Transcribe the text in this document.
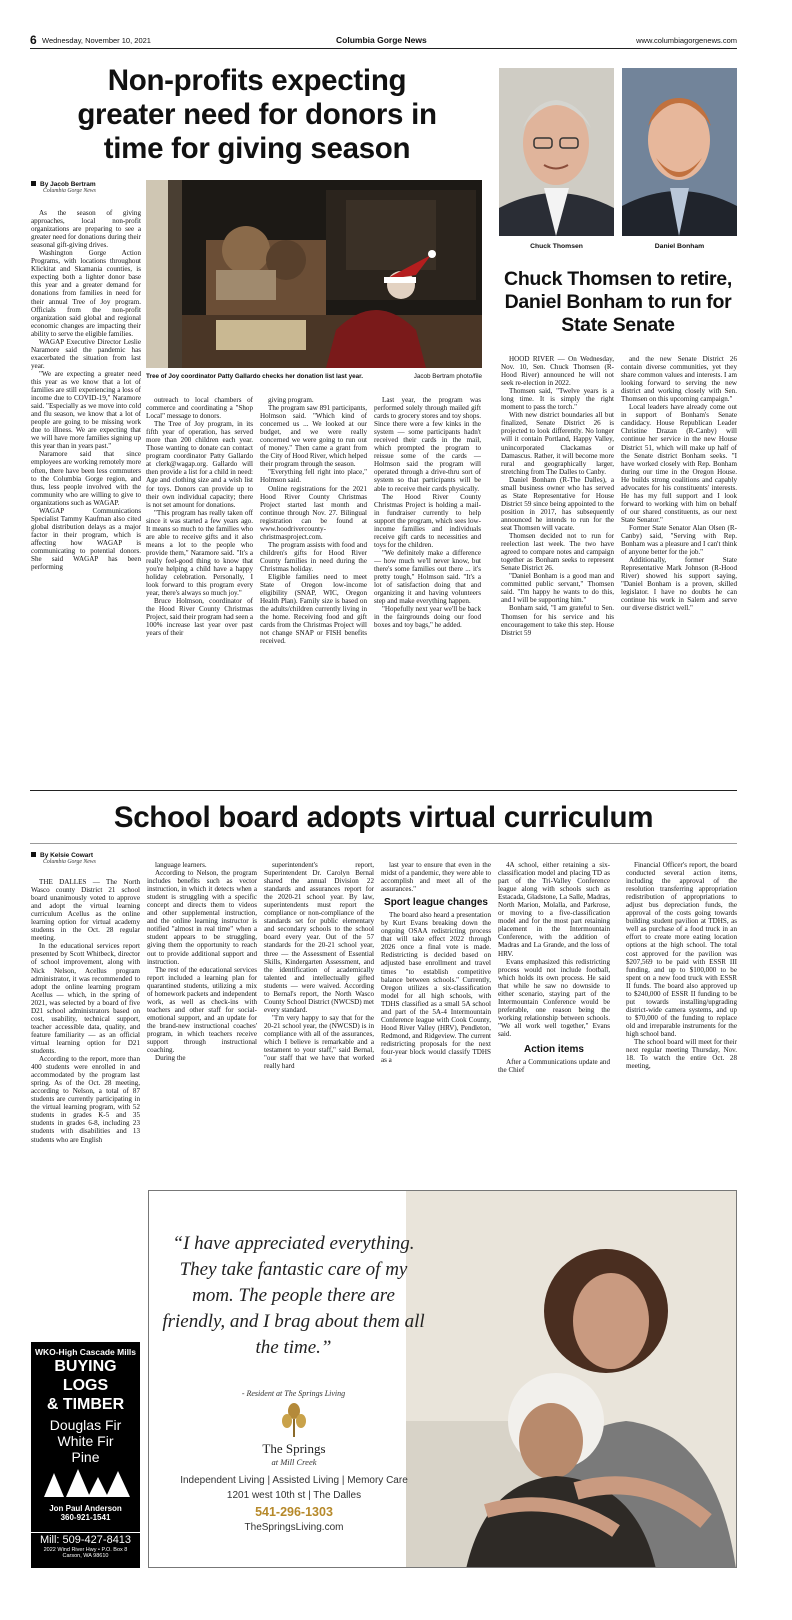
6 Wednesday, November 10, 2021	Columbia Gorge News	www.columbiagorgenews.com
Non-profits expecting greater need for donors in time for giving season
By Jacob Bertram
Columbia Gorge News
Tree of Joy coordinator Patty Gallardo checks her donation list last year.	Jacob Bertram photo/file

As the season of giving approaches, local non-profit organizations are preparing to see a greater need for donations during their seasonal gift-giving drives.

Washington Gorge Action Programs, with locations throughout Klickitat and Skamania counties, is expecting both a lighter donor base this year and a greater demand for donations from families in need for their annual Tree of Joy program. Officials from the non-profit organization said global and regional economic changes are impacting their ability to serve the eligible families.

WAGAP Executive Director Leslie Naramore said the pandemic has exacerbated the situation from last year.

"We are expecting a greater need this year as we know that a lot of families are still experiencing a loss of income due to COVID-19," Naramore said. "Especially as we move into cold and flu season, we know that a lot of people are going to be missing work due to illness. We are expecting that we will have more families signing up this year than in years past."

Naramore said that since employees are working remotely more often, there have been less commuters to the Columbia Gorge region, and thus, less people involved with the community who are willing to give to organizations such as WAGAP.

WAGAP Communications Specialist Tammy Kaufman also cited global distribution delays as a major factor in their program, which is affecting how WAGAP is communicating to potential donors. She said WAGAP has been performing

outreach to local chambers of commerce and coordinating a "Shop Local" message to donors.

The Tree of Joy program, in its fifth year of operation, has served more than 200 children each year. Those wanting to donate can contact program coordinator Patty Gallardo at clerk@wagap.org. Gallardo will then provide a list for a child in need: Age and clothing size and a wish list for toys. Donors can provide up to their own individual capacity; there is not set amount for donations.

"This program has really taken off since it was started a few years ago. It means so much to the families who are able to receive gifts and it also means a lot to the people who provide them," Naramore said. "It's a really feel-good thing to know that you're helping a child have a happy holiday celebration. Personally, I look forward to this program every year, there's always so much joy."

Bruce Holmson, coordinator of the Hood River County Christmas Project, said their program had seen a 100% increase last year over past years of their

giving program.

The program saw 891 participants, Holmson said. "Which kind of concerned us ... We looked at our budget, and we were really concerned we were going to run out of money." Then came a grant from the City of Hood River, which helped their program through the season.

"Everything fell right into place," Holmson said.

Online registrations for the 2021 Hood River County Christmas Project started last month and continue through Nov. 27. Bilingual registration can be found at www.hoodrivercounty-christmasproject.com.

The program assists with food and children's gifts for Hood River County families in need during the Christmas holiday.

Eligible families need to meet State of Oregon low-income eligibility (SNAP, WIC, Oregon Health Plan). Family size is based on the adults/children currently living in the home. Receiving food and gift cards from the Christmas Project will not change SNAP or FISH benefits received.

Last year, the program was performed solely through mailed gift cards to grocery stores and toy shops. Since there were a few kinks in the system — some participants hadn't received their cards in the mail, which prompted the program to reissue some of the cards — Holmson said the program will operated through a drive-thru sort of system so that participants will be able to receive their cards physically.

The Hood River County Christmas Project is holding a mail-in fundraiser currently to help support the program, which sees low-income families and individuals receive gift cards to necessities and toys for the children.

"We definitely make a difference — how much we'll never know, but there's some families out there ... it's pretty tough," Holmson said. "It's a lot of satisfaction doing that and organizing it and having volunteers step and make everything happen.

"Hopefully next year we'll be back in the fairgrounds doing our food boxes and toy bags," he added.

Chuck Thomsen	Daniel Bonham
Chuck Thomsen to retire, Daniel Bonham to run for State Senate

HOOD RIVER — On Wednesday, Nov. 10, Sen. Chuck Thomsen (R-Hood River) announced he will not seek re-election in 2022.

Thomsen said, "Twelve years is a long time. It is simply the right moment to pass the torch."

With new district boundaries all but finalized, Senate District 26 is projected to look differently. No longer will it contain Portland, Happy Valley, unincorporated Clackamas or Damascus. Rather, it will become more rural and geographically larger, stretching from The Dalles to Canby.

Daniel Bonham (R-The Dalles), a small business owner who has served as State Representative for House District 59 since being appointed to the position in 2017, has subsequently announced he intends to run for the seat Thomsen will vacate.

Thomsen decided not to run for reelection last week. The two have agreed to compare notes and campaign together as Bonham seeks to represent Senate District 26.

"Daniel Bonham is a good man and committed public servant," Thomsen said. "I'm happy he wants to do this, and I will be supporting him."

Bonham said, "I am grateful to Sen. Thomsen for his service and his encouragement to take this step. House District 59

and the new Senate District 26 contain diverse communities, yet they share common values and interests. I am looking forward to serving the new district and working closely with Sen. Thomsen on this upcoming campaign."

Local leaders have already come out in support of Bonham's Senate candidacy. House Republican Leader Christine Drazan (R-Canby) will continue her service in the new House District 51, which will make up half of the Senate district Bonham seeks. "I have worked closely with Rep. Bonham during our time in the Oregon House. He builds strong coalitions and capably advocates for his constituents' interests. He has my full support and I look forward to working with him on behalf of our shared constituents, as our next State Senator."

Former State Senator Alan Olsen (R-Canby) said, "Serving with Rep. Bonham was a pleasure and I can't think of anyone better for the job."

Additionally, former State Representative Mark Johnson (R-Hood River) showed his support saying, "Daniel Bonham is a proven, skilled legislator. I have no doubts he can continue his work in Salem and serve our diverse district well."

School board adopts virtual curriculum
By Kelsie Cowart
Columbia Gorge News

THE DALLES — The North Wasco county District 21 school board unanimously voted to approve and adopt the virtual learning curriculum Acellus as the online learning option for virtual academy students in the Oct. 28 regular meeting.

In the educational services report presented by Scott Whitbeck, director of school improvement, along with Nick Nelson, Acellus program administrator, it was recommended to adopt the online learning program Acellus — which, in the spring of 2021, was selected by a board of five D21 school administrators based on cost, usability, technical support, teacher accessible data, quality, and feature familiarity — as an official virtual learning option for D21 students.

According to the report, more than 400 students were enrolled in and accommodated by the program last spring. As of the Oct. 28 meeting, according to Nelson, a total of 87 students are currently participating in the virtual learning program, with 52 students in grades K-5 and 35 students in grades 6-8, including 23 students with disabilities and 13 students who are English

language learners.

According to Nelson, the program includes benefits such as vector instruction, in which it detects when a student is struggling with a specific concept and directs them to videos and other supplemental instruction, and the online learning instructor is notified "almost in real time" when a student appears to be struggling, giving them the opportunity to reach out to provide additional support and instruction.

The rest of the educational services report included a learning plan for quarantined students, utilizing a mix of homework packets and independent work, as well as check-ins with teachers and other staff for social-emotional support, and an update for the brand-new instructional coaches' program, in which teachers receive support through instructional coaching.

During the

superintendent's report, Superintendent Dr. Carolyn Bernal shared the annual Division 22 standards and assurances report for the 2020-21 school year. By law, superintendents must report the compliance or non-compliance of the standards set for public elementary and secondary schools to the school board every year. Out of the 57 standards for the 20-21 school year, three — the Assessment of Essential Skills, Kindergarten Assessment, and the identification of academically talented and intellectually gifted students — were waived. According to Bernal's report, the North Wasco County School District (NWCSD) met every standard.

"I'm very happy to say that for the 20-21 school year, the (NWCSD) is in compliance with all of the assurances, which I believe is remarkable and a testament to your staff," said Bernal, "our staff that we have that worked really hard

last year to ensure that even in the midst of a pandemic, they were able to accomplish and meet all of the assurances."

Sport league changes

The board also heard a presentation by Kurt Evans breaking down the ongoing OSAA redistricting process that will take effect 2022 through 2026 once a final vote is made. Redistricting is decided based on adjusted base enrollment and travel times "to establish competitive balance between schools." Currently, Oregon utilizes a six-classification model for all high schools, with TDHS classified as a small 5A school and part of the 5A-4 Intermountain Conference league with Cook County, Hood River Valley (HRV), Pendleton, Redmond, and Ridgeview. The current redistricting proposals for the next four-year block would classify TDHS as a

4A school, either retaining a six-classification model and placing TD as part of the Tri-Valley Conference league along with schools such as Estacada, Gladstone, La Salle, Madras, North Marion, Molalla, and Parkrose, or moving to a five-classification model and for the most part retaining placement in the Intermountain Conference, with the addition of Madras and La Grande, and the loss of HRV.

Evans emphasized this redistricting process would not include football, which holds its own process. He said that while he saw no downside to either scenario, staying part of the Intermountain Conference would be preferable, one reason being the working relationship between schools. "We all work well together," Evans said.

Action items

After a Communications update and the Chief

Financial Officer's report, the board conducted several action items, including the approval of the resolution transferring appropriation redistribution of appropriations to adjust bus depreciation funds, the approval of the costs going towards building student pavilion at TDHS, as well as purchase of a food truck in an effort to create more eating location options at the high school. The total cost approved for the pavilion was $207,569 to be paid with ESSR III funding, and up to $100,000 to be spent on a new food truck with ESSR II funds. The board also approved up to $240,000 of ESSR II funding to be put towards installing/upgrading district-wide camera systems, and up to $70,000 of the funding to replace old and irreparable instruments for the high school band.

The school board will meet for their next regular meeting Thursday, Nov. 18. To watch the entire Oct. 28 meeting,

WKO-High Cascade Mills
BUYING LOGS
& TIMBER
Douglas Fir
White Fir
Pine
Jon Paul Anderson
360-921-1541
Mill: 509-427-8413
2022 Wind River Hwy • P.O. Box 8
Carson, WA 98610
“I have appreciated everything. They take fantastic care of my mom. The people there are friendly, and I brag about them all the time.”
- Resident at The Springs Living
The Springs
at Mill Creek
Independent Living | Assisted Living | Memory Care
1201 west 10th st | The Dalles
541-296-1303
TheSpringsLiving.com
